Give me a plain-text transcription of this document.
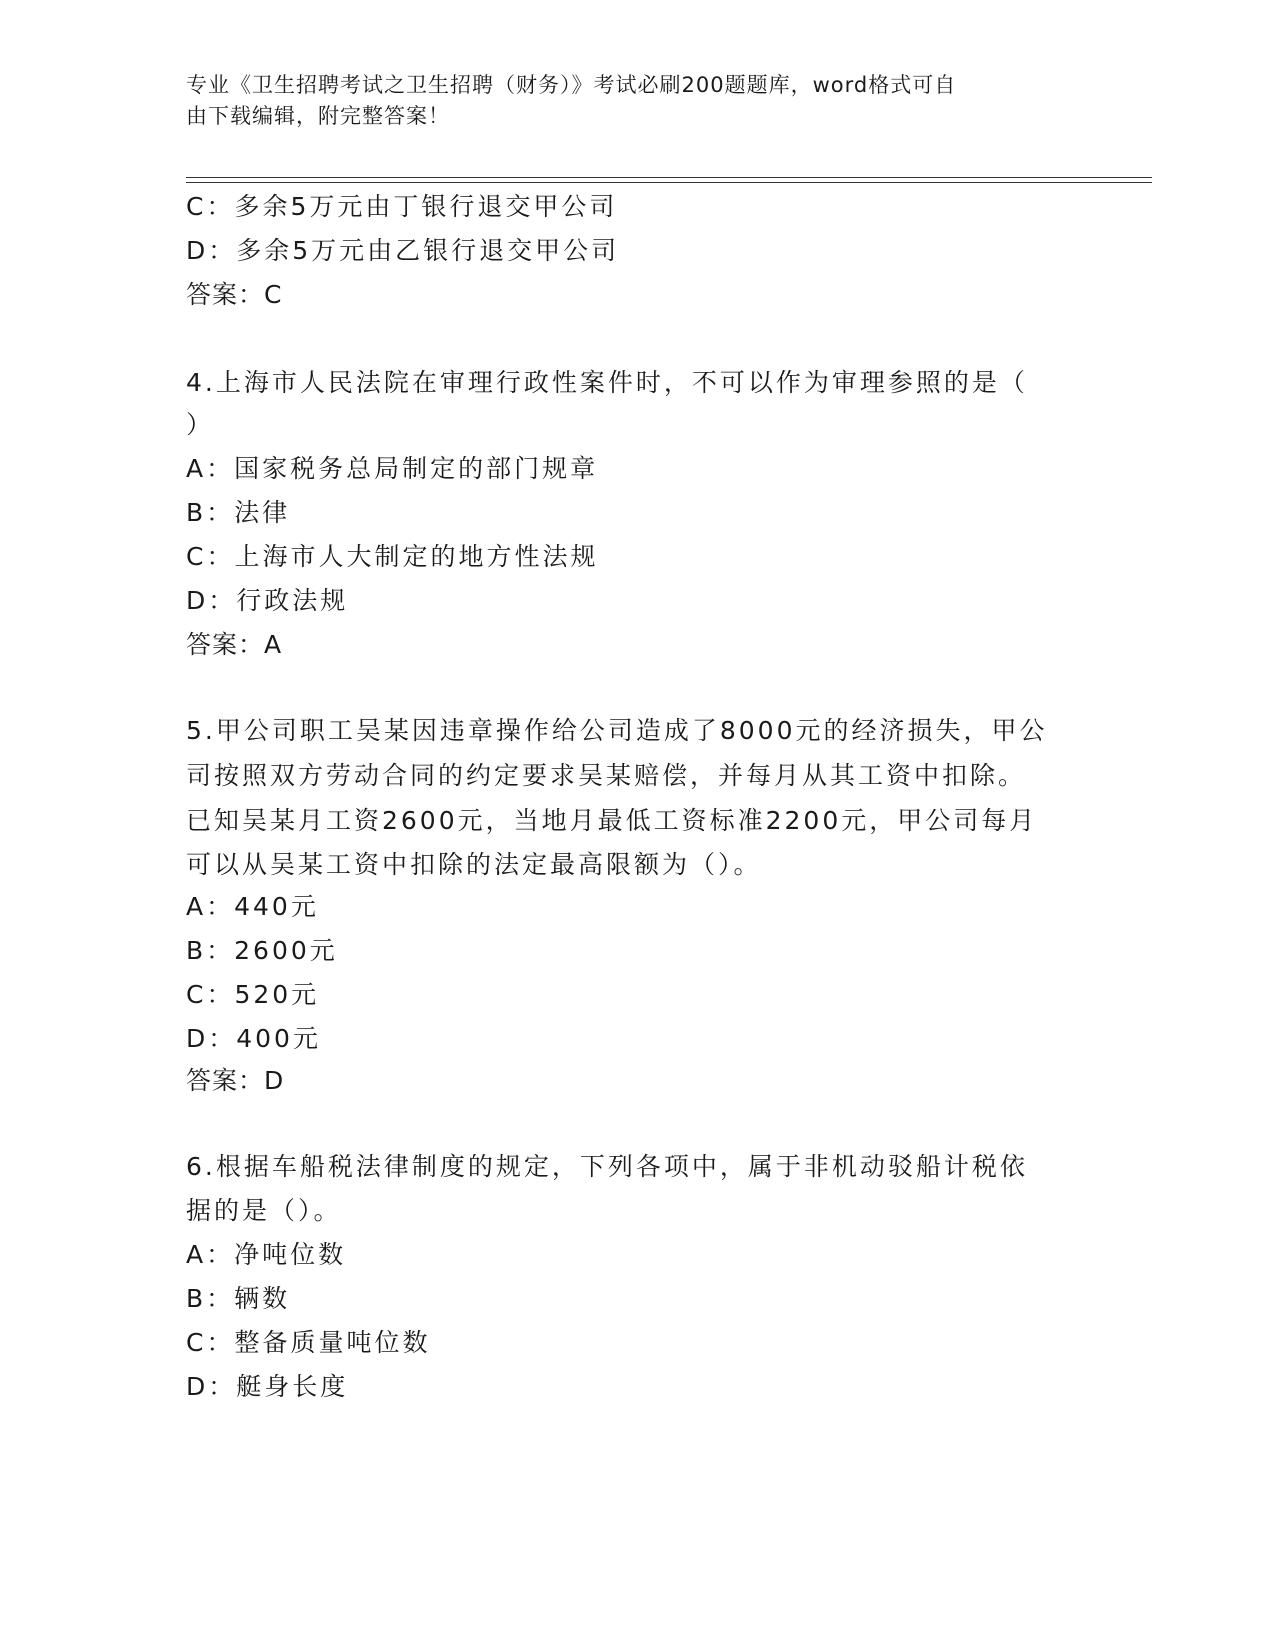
专业《卫生招聘考试之卫生招聘（财务）》考试必刷200题题库，word格式可自
由下载编辑，附完整答案！
C：多余5万元由丁银行退交甲公司
D：多余5万元由乙银行退交甲公司
答案：C
4.上海市人民法院在审理行政性案件时，不可以作为审理参照的是（
）
A：国家税务总局制定的部门规章
B：法律
C：上海市人大制定的地方性法规
D：行政法规
答案：A
5.甲公司职工吴某因违章操作给公司造成了8000元的经济损失，甲公
司按照双方劳动合同的约定要求吴某赔偿，并每月从其工资中扣除。
已知吴某月工资2600元，当地月最低工资标准2200元，甲公司每月
可以从吴某工资中扣除的法定最高限额为（）。
A：440元
B：2600元
C：520元
D：400元
答案：D
6.根据车船税法律制度的规定，下列各项中，属于非机动驳船计税依
据的是（）。
A：净吨位数
B：辆数
C：整备质量吨位数
D：艇身长度
